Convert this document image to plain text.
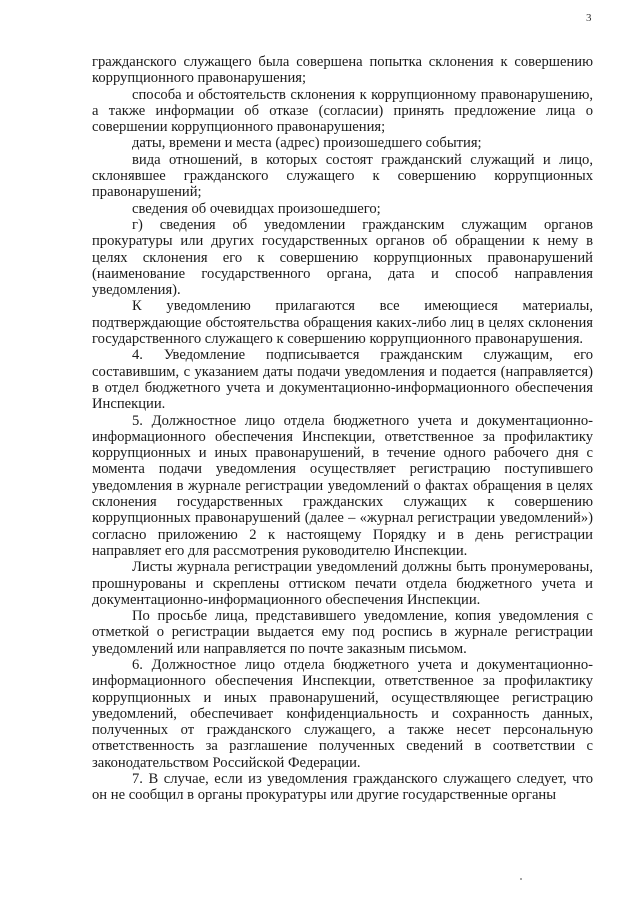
3

гражданского служащего была совершена попытка склонения к совершению коррупционного правонарушения;

способа и обстоятельств склонения к коррупционному правонарушению, а также информации об отказе (согласии) принять предложение лица о совершении коррупционного правонарушения;

даты, времени и места (адрес) произошедшего события;

вида отношений, в которых состоят гражданский служащий и лицо, склонявшее гражданского служащего к совершению коррупционных правонарушений;

сведения об очевидцах произошедшего;

г) сведения об уведомлении гражданским служащим органов прокуратуры или других государственных органов об обращении к нему в целях склонения его к совершению коррупционных правонарушений (наименование государственного органа, дата и способ направления уведомления).

К уведомлению прилагаются все имеющиеся материалы, подтверждающие обстоятельства обращения каких-либо лиц в целях склонения государственного служащего к совершению коррупционного правонарушения.

4. Уведомление подписывается гражданским служащим, его составившим, с указанием даты подачи уведомления и подается (направляется) в отдел бюджетного учета и документационно-информационного обеспечения Инспекции.

5. Должностное лицо отдела бюджетного учета и документационно-информационного обеспечения Инспекции, ответственное за профилактику коррупционных и иных правонарушений, в течение одного рабочего дня с момента подачи уведомления осуществляет регистрацию поступившего уведомления в журнале регистрации уведомлений о фактах обращения в целях склонения государственных гражданских служащих к совершению коррупционных правонарушений (далее – «журнал регистрации уведомлений») согласно приложению 2 к настоящему Порядку и в день регистрации направляет его для рассмотрения руководителю Инспекции.

Листы журнала регистрации уведомлений должны быть пронумерованы, прошнурованы и скреплены оттиском печати отдела бюджетного учета и документационно-информационного обеспечения Инспекции.

По просьбе лица, представившего уведомление, копия уведомления с отметкой о регистрации выдается ему под роспись в журнале регистрации уведомлений или направляется по почте заказным письмом.

6. Должностное лицо отдела бюджетного учета и документационно-информационного обеспечения Инспекции, ответственное за профилактику коррупционных и иных правонарушений, осуществляющее регистрацию уведомлений, обеспечивает конфиденциальность и сохранность данных, полученных от гражданского служащего, а также несет персональную ответственность за разглашение полученных сведений в соответствии с законодательством Российской Федерации.

7. В случае, если из уведомления гражданского служащего следует, что он не сообщил в органы прокуратуры или другие государственные органы
